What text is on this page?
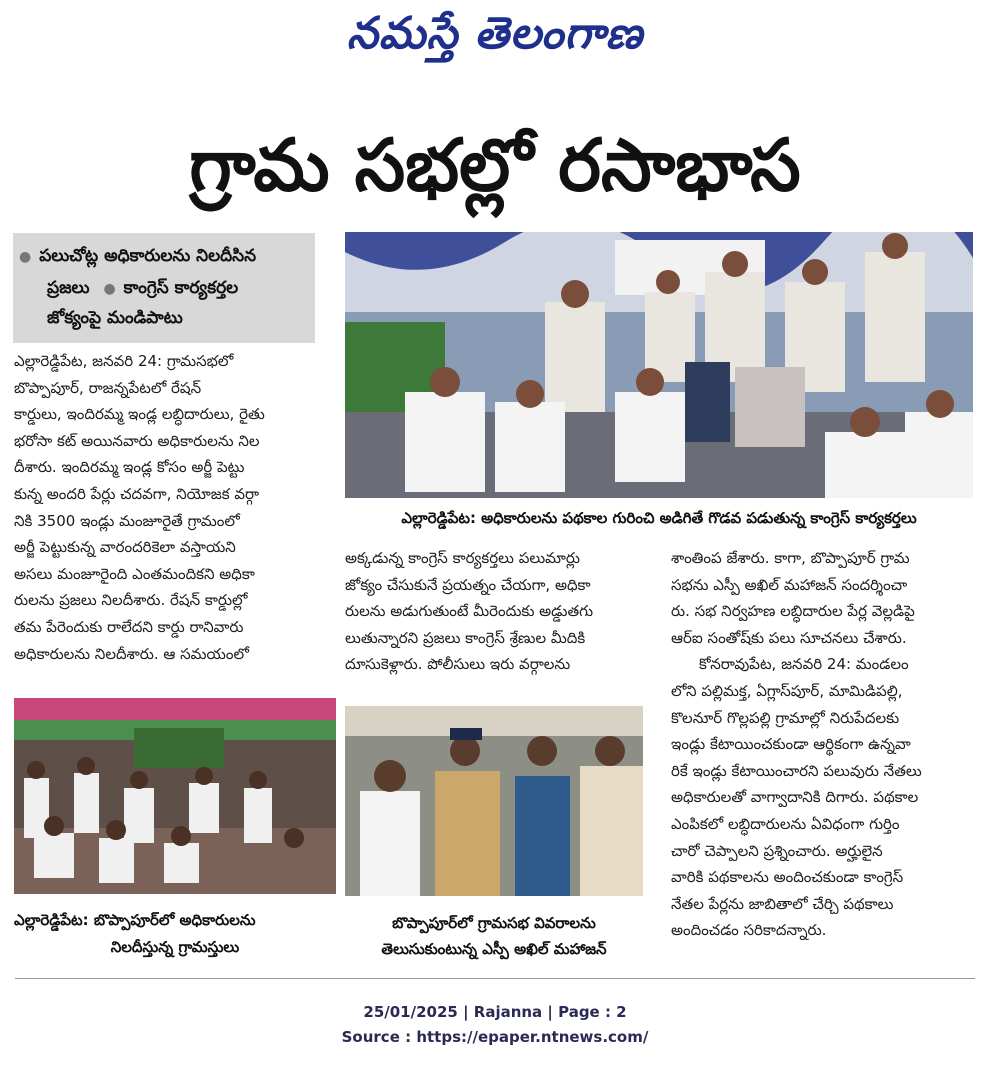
నమస్తే తెలంగాణ
గ్రామ సభల్లో రసాభాస
● పలుచోట్ల అధికారులను నిలదీసిన
ప్రజలు ● కాంగ్రెస్ కార్యకర్తల
జోక్యంపై మండిపాటు
ఎల్లారెడ్డిపేట: అధికారులను పథకాల గురించి అడిగితే గొడవ పడుతున్న కాంగ్రెస్ కార్యకర్తలు

ఎల్లారెడ్డిపేట, జనవరి 24: గ్రామసభలో

బొప్పాపూర్, రాజన్నపేటలో రేషన్

కార్డులు, ఇందిరమ్మ ఇండ్ల లబ్ధిదారులు, రైతు

భరోసా కట్ అయినవారు అధికారులను నిల

దీశారు. ఇందిరమ్మ ఇండ్ల కోసం అర్జీ పెట్టు

కున్న అందరి పేర్లు చదవగా, నియోజక వర్గా

నికి 3500 ఇండ్లు మంజూరైతే గ్రామంలో

అర్జీ పెట్టుకున్న వారందరికెలా వస్తాయని

అసలు మంజూరైంది ఎంతమందికని అధికా

రులను ప్రజలు నిలదీశారు. రేషన్ కార్డుల్లో

తమ పేరెందుకు రాలేదని కార్డు రానివారు

అధికారులను నిలదీశారు. ఆ సమయంలో

అక్కడున్న కాంగ్రెస్ కార్యకర్తలు పలుమార్లు

జోక్యం చేసుకునే ప్రయత్నం చేయగా, అధికా

రులను అడుగుతుంటే మీరెందుకు అడ్డుతగు

లుతున్నారని ప్రజలు కాంగ్రెస్ శ్రేణుల మీదికి

దూసుకెళ్లారు. పోలీసులు ఇరు వర్గాలను

శాంతింప జేశారు. కాగా, బొప్పాపూర్ గ్రామ

సభను ఎస్పీ అఖిల్ మహాజన్ సందర్శించా

రు. సభ నిర్వహణ లబ్ధిదారుల పేర్ల వెల్లడిపై

ఆర్‌ఐ సంతోష్‌కు పలు సూచనలు చేశారు.

కోనరావుపేట, జనవరి 24: మండలం

లోని పల్లిమక్త, ఏగ్లాస్‌పూర్, మామిడిపల్లి,

కొలనూర్ గొల్లపల్లి గ్రామాల్లో నిరుపేదలకు

ఇండ్లు కేటాయించకుండా ఆర్థికంగా ఉన్నవా

రికే ఇండ్లు కేటాయించారని పలువురు నేతలు

అధికారులతో వాగ్వాదానికి దిగారు. పథకాల

ఎంపికలో లబ్ధిదారులను ఏవిధంగా గుర్తిం

చారో చెప్పాలని ప్రశ్నించారు. అర్హులైన

వారికి పథకాలను అందించకుండా కాంగ్రెస్

నేతల పేర్లను జాబితాలో చేర్చి పథకాలు

అందించడం సరికాదన్నారు.

ఎల్లారెడ్డిపేట: బొప్పాపూర్‌లో అధికారులను
నిలదీస్తున్న గ్రామస్తులు
బొప్పాపూర్‌లో గ్రామసభ వివరాలను
తెలుసుకుంటున్న ఎస్పీ అఖిల్ మహాజన్
25/01/2025 | Rajanna | Page : 2
Source : https://epaper.ntnews.com/
